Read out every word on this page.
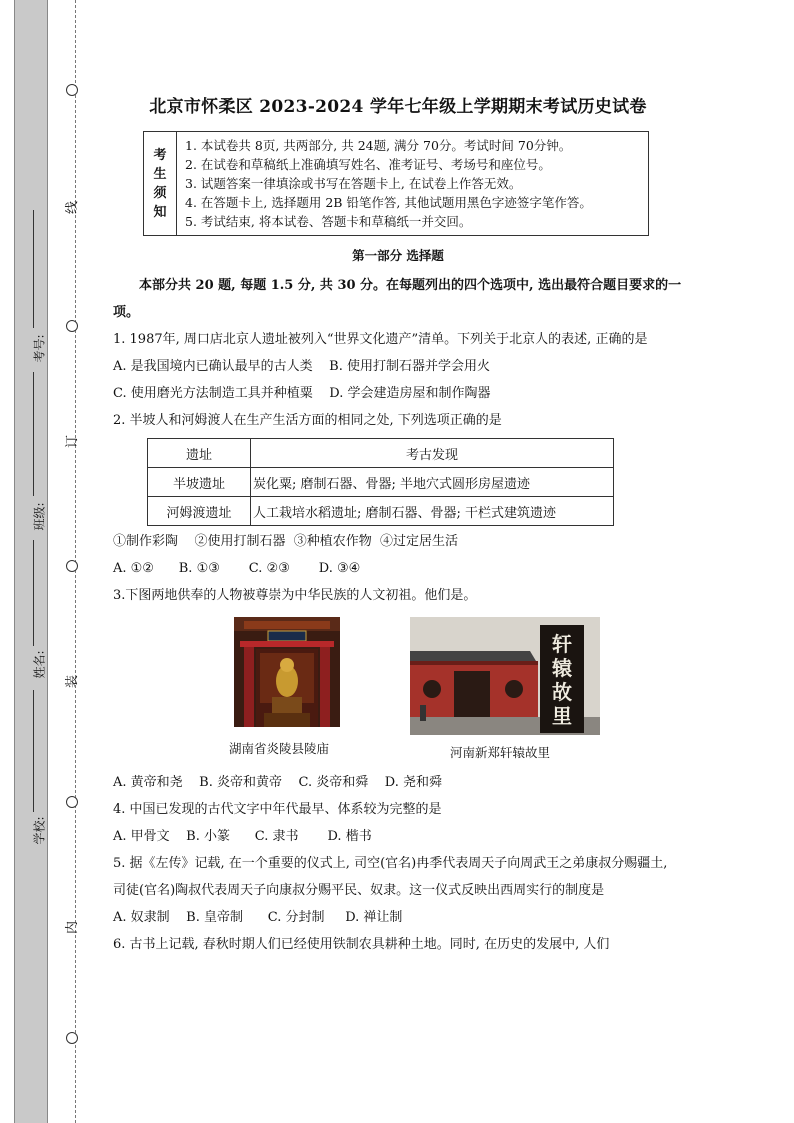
线
订
装
内
考号:
班级:
姓名:
学校:
北京市怀柔区 2023-2024 学年七年级上学期期末考试历史试卷
考
生
须
知
1. 本试卷共 8页, 共两部分, 共 24题, 满分 70分。考试时间 70分钟。
2. 在试卷和草稿纸上准确填写姓名、准考证号、考场号和座位号。
3. 试题答案一律填涂或书写在答题卡上, 在试卷上作答无效。
4. 在答题卡上, 选择题用 2B 铅笔作答, 其他试题用黑色字迹签字笔作答。
5. 考试结束, 将本试卷、答题卡和草稿纸一并交回。
第一部分 选择题

本部分共 20 题, 每题 1.5 分, 共 30 分。在每题列出的四个选项中, 选出最符合题目要求的一项。

1. 1987年, 周口店北京人遗址被列入“世界文化遗产”清单。下列关于北京人的表述, 正确的是

A. 是我国境内已确认最早的古人类    B. 使用打制石器并学会用火
C. 使用磨光方法制造工具并种植粟    D. 学会建造房屋和制作陶器

2. 半坡人和河姆渡人在生产生活方面的相同之处, 下列选项正确的是

遗址	考古发现
半坡遗址	炭化粟; 磨制石器、骨器; 半地穴式圆形房屋遗迹
河姆渡遗址	人工栽培水稻遗址; 磨制石器、骨器; 干栏式建筑遗迹
①制作彩陶    ②使用打制石器  ③种植农作物  ④过定居生活
A. ①②      B. ①③       C. ②③       D. ③④

3.下图两地供奉的人物被尊崇为中华民族的人文初祖。他们是。

湖南省炎陵县陵庙
轩
辕
故
里
河南新郑轩辕故里
A. 黄帝和尧    B. 炎帝和黄帝    C. 炎帝和舜    D. 尧和舜

4. 中国已发现的古代文字中年代最早、体系较为完整的是

A. 甲骨文    B. 小篆      C. 隶书       D. 楷书

5. 据《左传》记载, 在一个重要的仪式上, 司空(官名)冉季代表周天子向周武王之弟康叔分赐疆土, 司徒(官名)陶叔代表周天子向康叔分赐平民、奴隶。这一仪式反映出西周实行的制度是

A. 奴隶制    B. 皇帝制      C. 分封制     D. 禅让制

6. 古书上记载, 春秋时期人们已经使用铁制农具耕种土地。同时, 在历史的发展中, 人们
